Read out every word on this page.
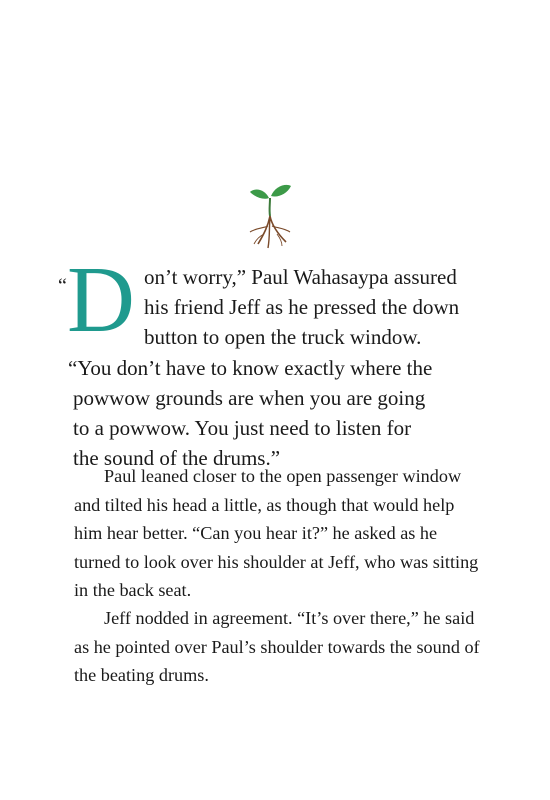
“ D on’t worry,” Paul Wahasaypa assured
his friend Jeff as he pressed the down
button to open the truck window.
“You don’t have to know exactly where the
powwow grounds are when you are going
to a powwow. You just need to listen for
the sound of the drums.”

Paul leaned closer to the open passenger window and tilted his head a little, as though that would help him hear better. “Can you hear it?” he asked as he turned to look over his shoulder at Jeff, who was sitting in the back seat.

Jeff nodded in agreement. “It’s over there,” he said as he pointed over Paul’s shoulder towards the sound of the beating drums.
